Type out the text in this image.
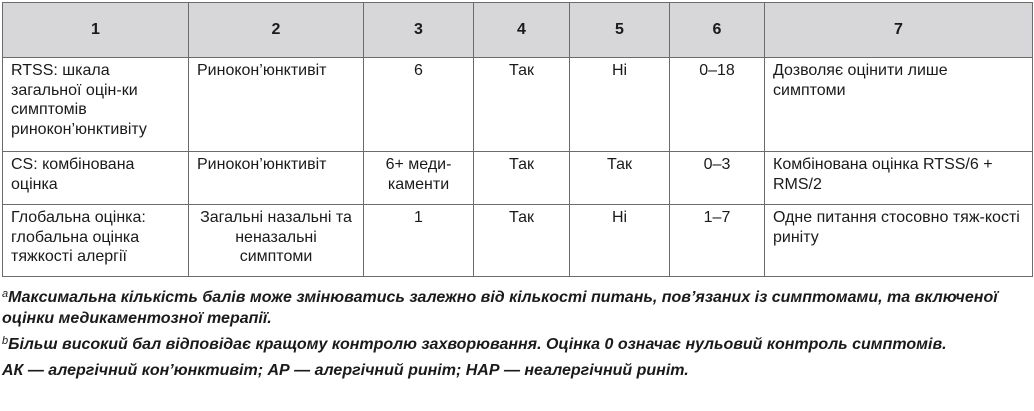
1	2	3	4	5	6	7
RTSS: шкала загальної оцін-ки симптомів ринокон’юнктивіту	Ринокон’юнктивіт	6	Так	Ні	0–18	Дозволяє оцінити лише симптоми
CS: комбінована оцінка	Ринокон’юнктивіт	6+ меди-каменти	Так	Так	0–3	Комбінована оцінка RTSS/6 + RMS/2
Глобальна оцінка: глобальна оцінка тяжкості алергії	Загальні назальні та неназальні симптоми	1	Так	Ні	1–7	Одне питання стосовно тяж-кості риніту

$^a$Максимальна кількість балів може змінюватись залежно від кількості питань, пов’язаних із симптомами, та включеної оцінки медикаментозної терапії.

$^b$Більш високий бал відповідає кращому контролю захворювання. Оцінка 0 означає нульовий контроль симптомів.

АК — алергічний кон’юнктивіт; АР — алергічний риніт; НАР — неалергічний риніт.
